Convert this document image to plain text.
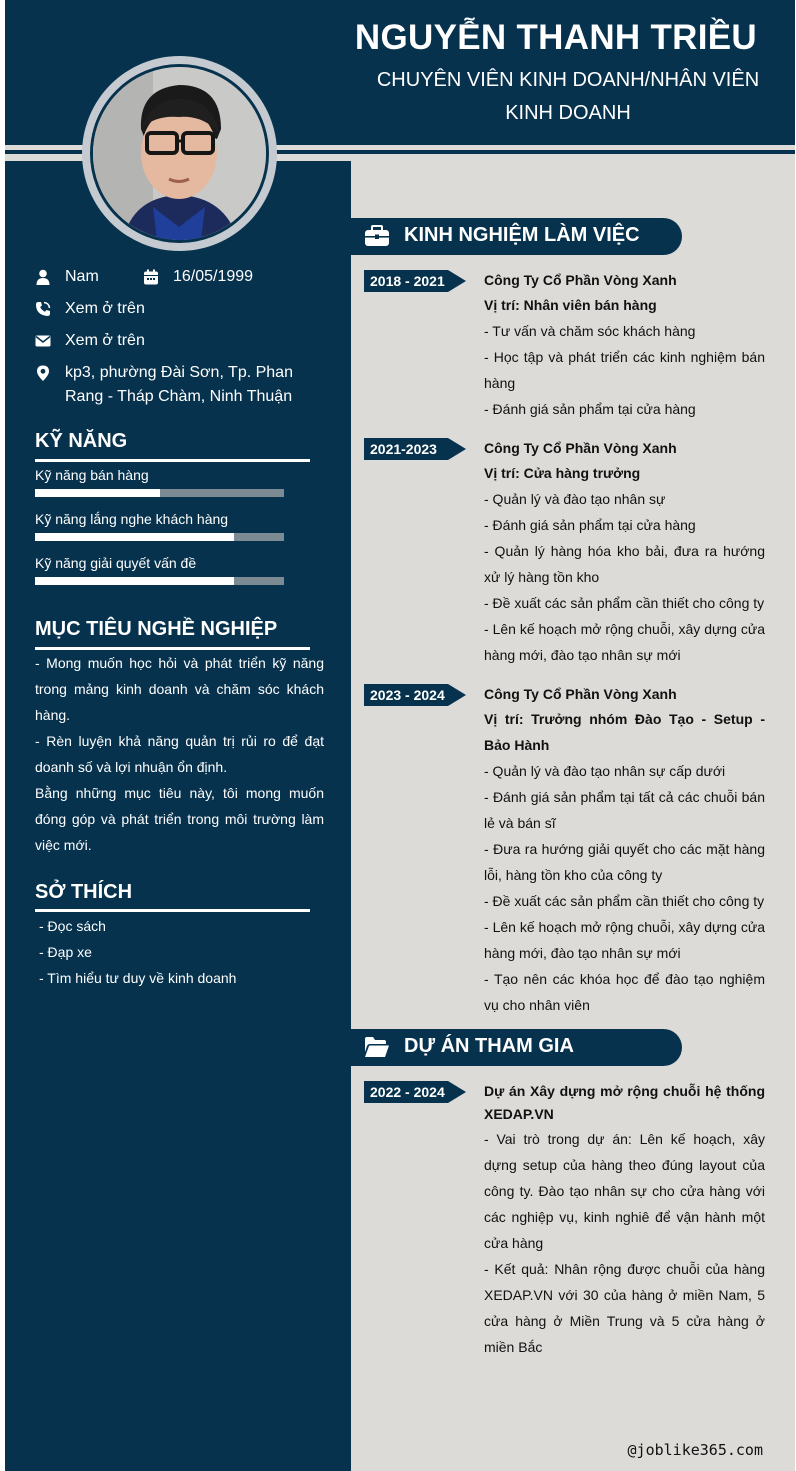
NGUYỄN THANH TRIỀU
CHUYÊN VIÊN KINH DOANH/NHÂN VIÊN KINH DOANH
Nam	16/05/1999
Xem ở trên
Xem ở trên
kp3, phường Đài Sơn, Tp. Phan Rang - Tháp Chàm, Ninh Thuận
KỸ NĂNG
Kỹ năng bán hàng
Kỹ năng lắng nghe khách hàng
Kỹ năng giải quyết vấn đề
MỤC TIÊU NGHỀ NGHIỆP

- Mong muốn học hỏi và phát triển kỹ năng trong mảng kinh doanh và chăm sóc khách hàng.

- Rèn luyện khả năng quản trị rủi ro để đạt doanh số và lợi nhuận ổn định.

Bằng những mục tiêu này, tôi mong muốn đóng góp và phát triển trong môi trường làm việc mới.

SỞ THÍCH
- Đọc sách
- Đạp xe
- Tìm hiểu tư duy về kinh doanh
KINH NGHIỆM LÀM VIỆC
2018 - 2021	Công Ty Cổ Phần Vòng Xanh
Vị trí: Nhân viên bán hàng
- Tư vấn và chăm sóc khách hàng
- Học tập và phát triển các kinh nghiệm bán hàng
- Đánh giá sản phẩm tại cửa hàng
2021-2023	Công Ty Cổ Phần Vòng Xanh
Vị trí: Cửa hàng trưởng
- Quản lý và đào tạo nhân sự
- Đánh giá sản phẩm tại cửa hàng
- Quản lý hàng hóa kho bải, đưa ra hướng xử lý hàng tồn kho
- Đề xuất các sản phẩm cần thiết cho công ty
- Lên kế hoạch mở rộng chuỗi, xây dựng cửa hàng mới, đào tạo nhân sự mới
2023 - 2024	Công Ty Cổ Phần Vòng Xanh
Vị trí: Trưởng nhóm Đào Tạo - Setup - Bảo Hành
- Quản lý và đào tạo nhân sự cấp dưới
- Đánh giá sản phẩm tại tất cả các chuỗi bán lẻ và bán sĩ
- Đưa ra hướng giải quyết cho các mặt hàng lỗi, hàng tồn kho của công ty
- Đề xuất các sản phẩm cần thiết cho công ty
- Lên kế hoạch mở rộng chuỗi, xây dựng cửa hàng mới, đào tạo nhân sự mới
- Tạo nên các khóa học để đào tạo nghiệm vụ cho nhân viên
DỰ ÁN THAM GIA
2022 - 2024	Dự án Xây dựng mở rộng chuỗi hệ thống XEDAP.VN
- Vai trò trong dự án: Lên kế hoạch, xây dựng setup của hàng theo đúng layout của công ty. Đào tạo nhân sự cho cửa hàng với các nghiệp vụ, kinh nghiê để vận hành một cửa hàng
- Kết quả: Nhân rộng được chuỗi của hàng XEDAP.VN với 30 của hàng ở miền Nam, 5 cửa hàng ở Miền Trung và 5 cửa hàng ở miền Bắc
@joblike365.com
